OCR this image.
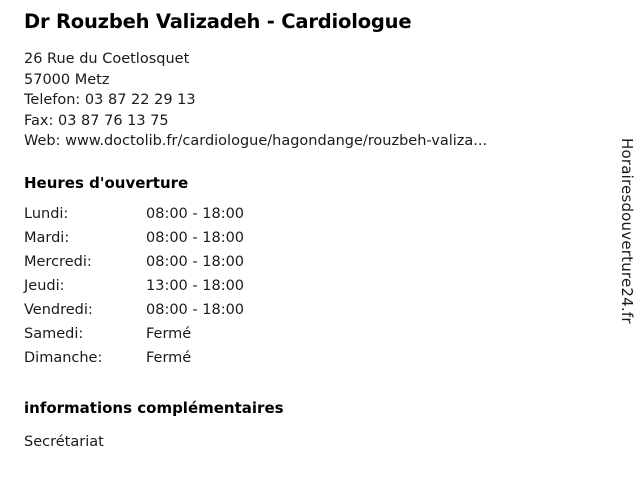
Dr Rouzbeh Valizadeh - Cardiologue
26 Rue du Coetlosquet
57000 Metz
Telefon: 03 87 22 29 13
Fax: 03 87 76 13 75
Web: www.doctolib.fr/cardiologue/hagondange/rouzbeh-valiza...
Heures d'ouverture
Lundi:	08:00 - 18:00
Mardi:	08:00 - 18:00
Mercredi:	08:00 - 18:00
Jeudi:	13:00 - 18:00
Vendredi:	08:00 - 18:00
Samedi:	Fermé
Dimanche:	Fermé
informations complémentaires
Secrétariat
Horairesdouverture24.fr
